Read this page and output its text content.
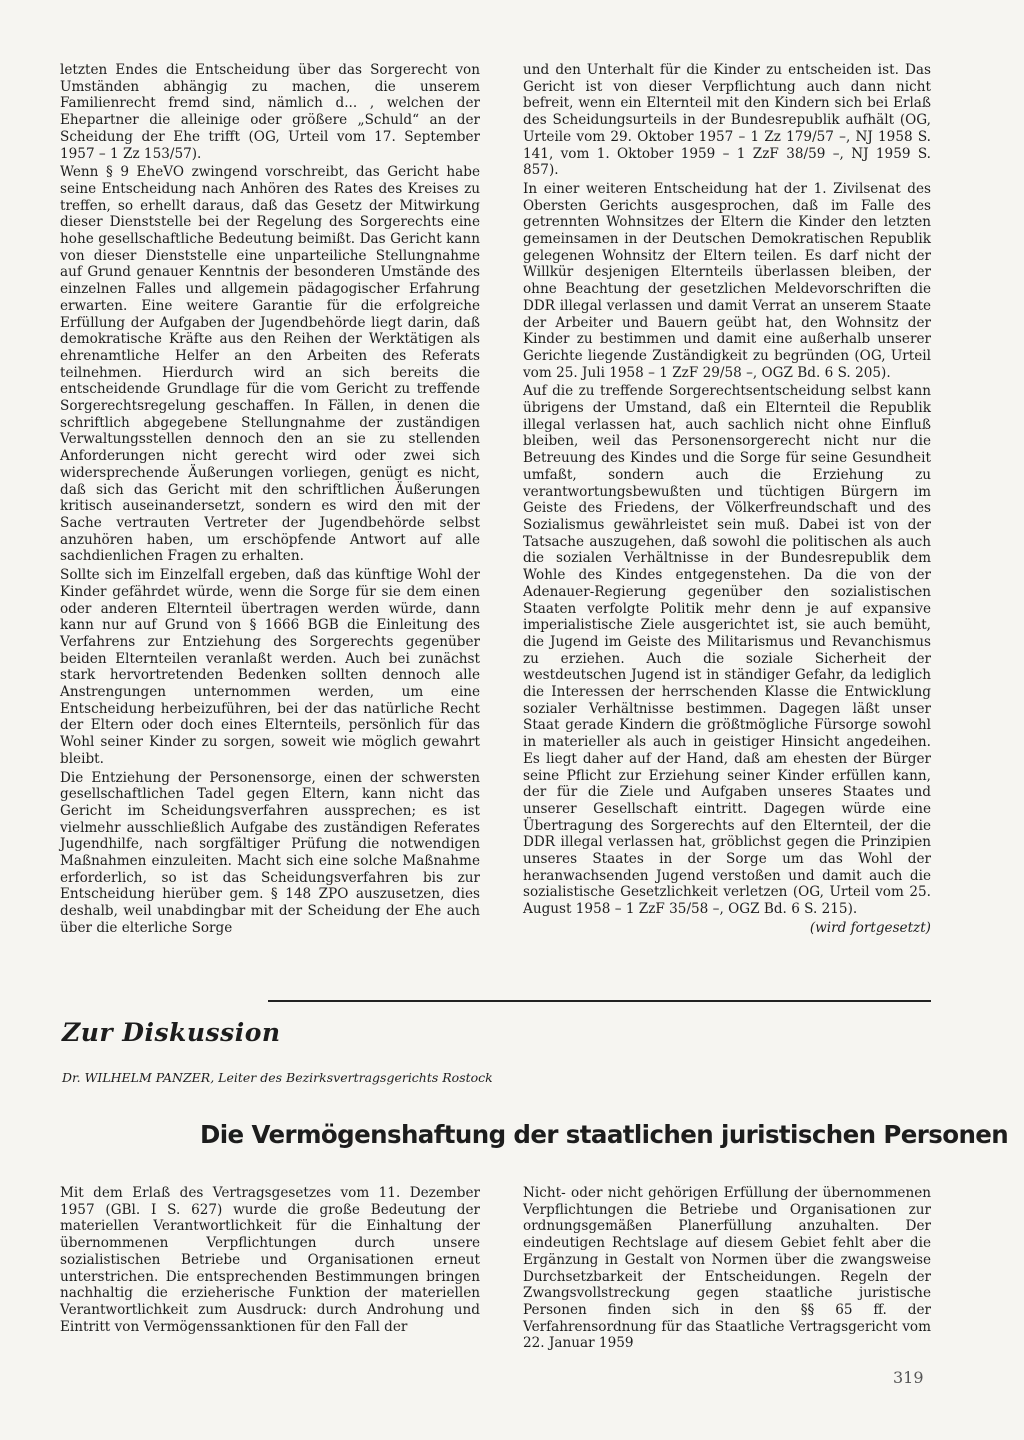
letzten Endes die Entscheidung über das Sorgerecht von Umständen abhängig zu machen, die unserem Familienrecht fremd sind, nämlich d... , welchen der Ehepartner die alleinige oder größere „Schuld“ an der Scheidung der Ehe trifft (OG, Urteil vom 17. September 1957 – 1 Zz 153/57).

Wenn § 9 EheVO zwingend vorschreibt, das Gericht habe seine Entscheidung nach Anhören des Rates des Kreises zu treffen, so erhellt daraus, daß das Gesetz der Mitwirkung dieser Dienststelle bei der Regelung des Sorgerechts eine hohe gesellschaftliche Bedeutung beimißt. Das Gericht kann von dieser Dienststelle eine unparteiliche Stellungnahme auf Grund genauer Kenntnis der besonderen Umstände des einzelnen Falles und allgemein pädagogischer Erfahrung erwarten. Eine weitere Garantie für die erfolgreiche Erfüllung der Aufgaben der Jugendbehörde liegt darin, daß demokratische Kräfte aus den Reihen der Werktätigen als ehrenamtliche Helfer an den Arbeiten des Referats teilnehmen. Hierdurch wird an sich bereits die entscheidende Grundlage für die vom Gericht zu treffende Sorgerechtsregelung geschaffen. In Fällen, in denen die schriftlich abgegebene Stellungnahme der zuständigen Verwaltungsstellen dennoch den an sie zu stellenden Anforderungen nicht gerecht wird oder zwei sich widersprechende Äußerungen vorliegen, genügt es nicht, daß sich das Gericht mit den schriftlichen Äußerungen kritisch auseinandersetzt, sondern es wird den mit der Sache vertrauten Vertreter der Jugendbehörde selbst anzuhören haben, um erschöpfende Antwort auf alle sachdienlichen Fragen zu erhalten.

Sollte sich im Einzelfall ergeben, daß das künftige Wohl der Kinder gefährdet würde, wenn die Sorge für sie dem einen oder anderen Elternteil übertragen werden würde, dann kann nur auf Grund von § 1666 BGB die Einleitung des Verfahrens zur Entziehung des Sorgerechts gegenüber beiden Elternteilen veranlaßt werden. Auch bei zunächst stark hervortretenden Bedenken sollten dennoch alle Anstrengungen unternommen werden, um eine Entscheidung herbeizuführen, bei der das natürliche Recht der Eltern oder doch eines Elternteils, persönlich für das Wohl seiner Kinder zu sorgen, soweit wie möglich gewahrt bleibt.

Die Entziehung der Personensorge, einen der schwersten gesellschaftlichen Tadel gegen Eltern, kann nicht das Gericht im Scheidungsverfahren aussprechen; es ist vielmehr ausschließlich Aufgabe des zuständigen Referates Jugendhilfe, nach sorgfältiger Prüfung die notwendigen Maßnahmen einzuleiten. Macht sich eine solche Maßnahme erforderlich, so ist das Scheidungsverfahren bis zur Entscheidung hierüber gem. § 148 ZPO auszusetzen, dies deshalb, weil unabdingbar mit der Scheidung der Ehe auch über die elterliche Sorge

und den Unterhalt für die Kinder zu entscheiden ist. Das Gericht ist von dieser Verpflichtung auch dann nicht befreit, wenn ein Elternteil mit den Kindern sich bei Erlaß des Scheidungsurteils in der Bundesrepublik aufhält (OG, Urteile vom 29. Oktober 1957 – 1 Zz 179/57 –, NJ 1958 S. 141, vom 1. Oktober 1959 – 1 ZzF 38/59 –, NJ 1959 S. 857).

In einer weiteren Entscheidung hat der 1. Zivilsenat des Obersten Gerichts ausgesprochen, daß im Falle des getrennten Wohnsitzes der Eltern die Kinder den letzten gemeinsamen in der Deutschen Demokratischen Republik gelegenen Wohnsitz der Eltern teilen. Es darf nicht der Willkür desjenigen Elternteils überlassen bleiben, der ohne Beachtung der gesetzlichen Meldevorschriften die DDR illegal verlassen und damit Verrat an unserem Staate der Arbeiter und Bauern geübt hat, den Wohnsitz der Kinder zu bestimmen und damit eine außerhalb unserer Gerichte liegende Zuständigkeit zu begründen (OG, Urteil vom 25. Juli 1958 – 1 ZzF 29/58 –, OGZ Bd. 6 S. 205).

Auf die zu treffende Sorgerechtsentscheidung selbst kann übrigens der Umstand, daß ein Elternteil die Republik illegal verlassen hat, auch sachlich nicht ohne Einfluß bleiben, weil das Personensorgerecht nicht nur die Betreuung des Kindes und die Sorge für seine Gesundheit umfaßt, sondern auch die Erziehung zu verantwortungsbewußten und tüchtigen Bürgern im Geiste des Friedens, der Völkerfreundschaft und des Sozialismus gewährleistet sein muß. Dabei ist von der Tatsache auszugehen, daß sowohl die politischen als auch die sozialen Verhältnisse in der Bundesrepublik dem Wohle des Kindes entgegenstehen. Da die von der Adenauer-Regierung gegenüber den sozialistischen Staaten verfolgte Politik mehr denn je auf expansive imperialistische Ziele ausgerichtet ist, sie auch bemüht, die Jugend im Geiste des Militarismus und Revanchismus zu erziehen. Auch die soziale Sicherheit der westdeutschen Jugend ist in ständiger Gefahr, da lediglich die Interessen der herrschenden Klasse die Entwicklung sozialer Verhältnisse bestimmen. Dagegen läßt unser Staat gerade Kindern die größtmögliche Fürsorge sowohl in materieller als auch in geistiger Hinsicht angedeihen. Es liegt daher auf der Hand, daß am ehesten der Bürger seine Pflicht zur Erziehung seiner Kinder erfüllen kann, der für die Ziele und Aufgaben unseres Staates und unserer Gesellschaft eintritt. Dagegen würde eine Übertragung des Sorgerechts auf den Elternteil, der die DDR illegal verlassen hat, gröblichst gegen die Prinzipien unseres Staates in der Sorge um das Wohl der heranwachsenden Jugend verstoßen und damit auch die sozialistische Gesetzlichkeit verletzen (OG, Urteil vom 25. August 1958 – 1 ZzF 35/58 –, OGZ Bd. 6 S. 215).

(wird fortgesetzt)

Zur Diskussion
Dr. WILHELM PANZER, Leiter des Bezirksvertragsgerichts Rostock
Die Vermögenshaftung der staatlichen juristischen Personen

Mit dem Erlaß des Vertragsgesetzes vom 11. Dezember 1957 (GBl. I S. 627) wurde die große Bedeutung der materiellen Verantwortlichkeit für die Einhaltung der übernommenen Verpflichtungen durch unsere sozialistischen Betriebe und Organisationen erneut unterstrichen. Die entsprechenden Bestimmungen bringen nachhaltig die erzieherische Funktion der materiellen Verantwortlichkeit zum Ausdruck: durch Androhung und Eintritt von Vermögenssanktionen für den Fall der

Nicht- oder nicht gehörigen Erfüllung der übernommenen Verpflichtungen die Betriebe und Organisationen zur ordnungsgemäßen Planerfüllung anzuhalten. Der eindeutigen Rechtslage auf diesem Gebiet fehlt aber die Ergänzung in Gestalt von Normen über die zwangsweise Durchsetzbarkeit der Entscheidungen. Regeln der Zwangsvollstreckung gegen staatliche juristische Personen finden sich in den §§ 65 ff. der Verfahrensordnung für das Staatliche Vertragsgericht vom 22. Januar 1959

319
